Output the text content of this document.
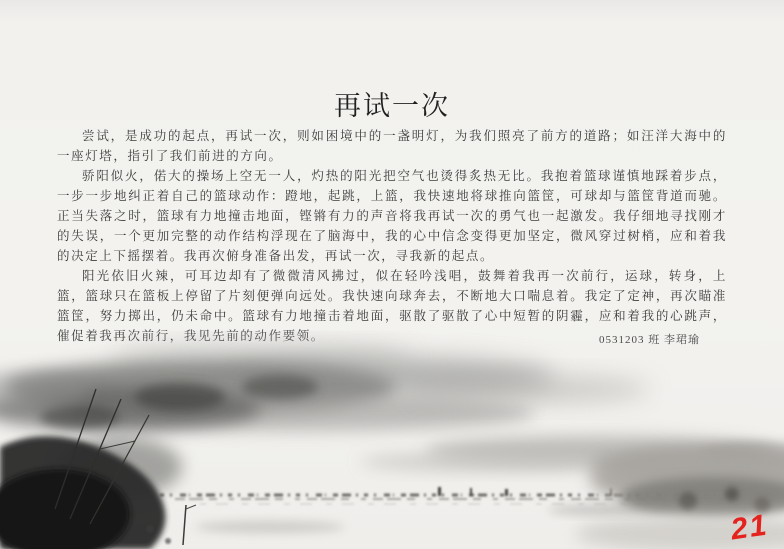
再试一次

尝试，是成功的起点，再试一次，则如困境中的一盏明灯，为我们照亮了前方的道路；如汪洋大海中的一座灯塔，指引了我们前进的方向。

骄阳似火，偌大的操场上空无一人，灼热的阳光把空气也烫得炙热无比。我抱着篮球谨慎地踩着步点，一步一步地纠正着自己的篮球动作：蹬地，起跳，上篮，我快速地将球推向篮筐，可球却与篮筐背道而驰。正当失落之时，篮球有力地撞击地面，铿锵有力的声音将我再试一次的勇气也一起激发。我仔细地寻找刚才的失误，一个更加完整的动作结构浮现在了脑海中，我的心中信念变得更加坚定，微风穿过树梢，应和着我的决定上下摇摆着。我再次俯身准备出发，再试一次，寻我新的起点。

阳光依旧火辣，可耳边却有了微微清风拂过，似在轻吟浅唱，鼓舞着我再一次前行，运球，转身，上篮，篮球只在篮板上停留了片刻便弹向远处。我快速向球奔去，不断地大口喘息着。我定了定神，再次瞄准篮筐，努力掷出，仍未命中。篮球有力地撞击着地面，驱散了驱散了心中短暂的阴霾，应和着我的心跳声，催促着我再次前行，我见先前的动作要领。	0531203 班 李珺瑜
21
